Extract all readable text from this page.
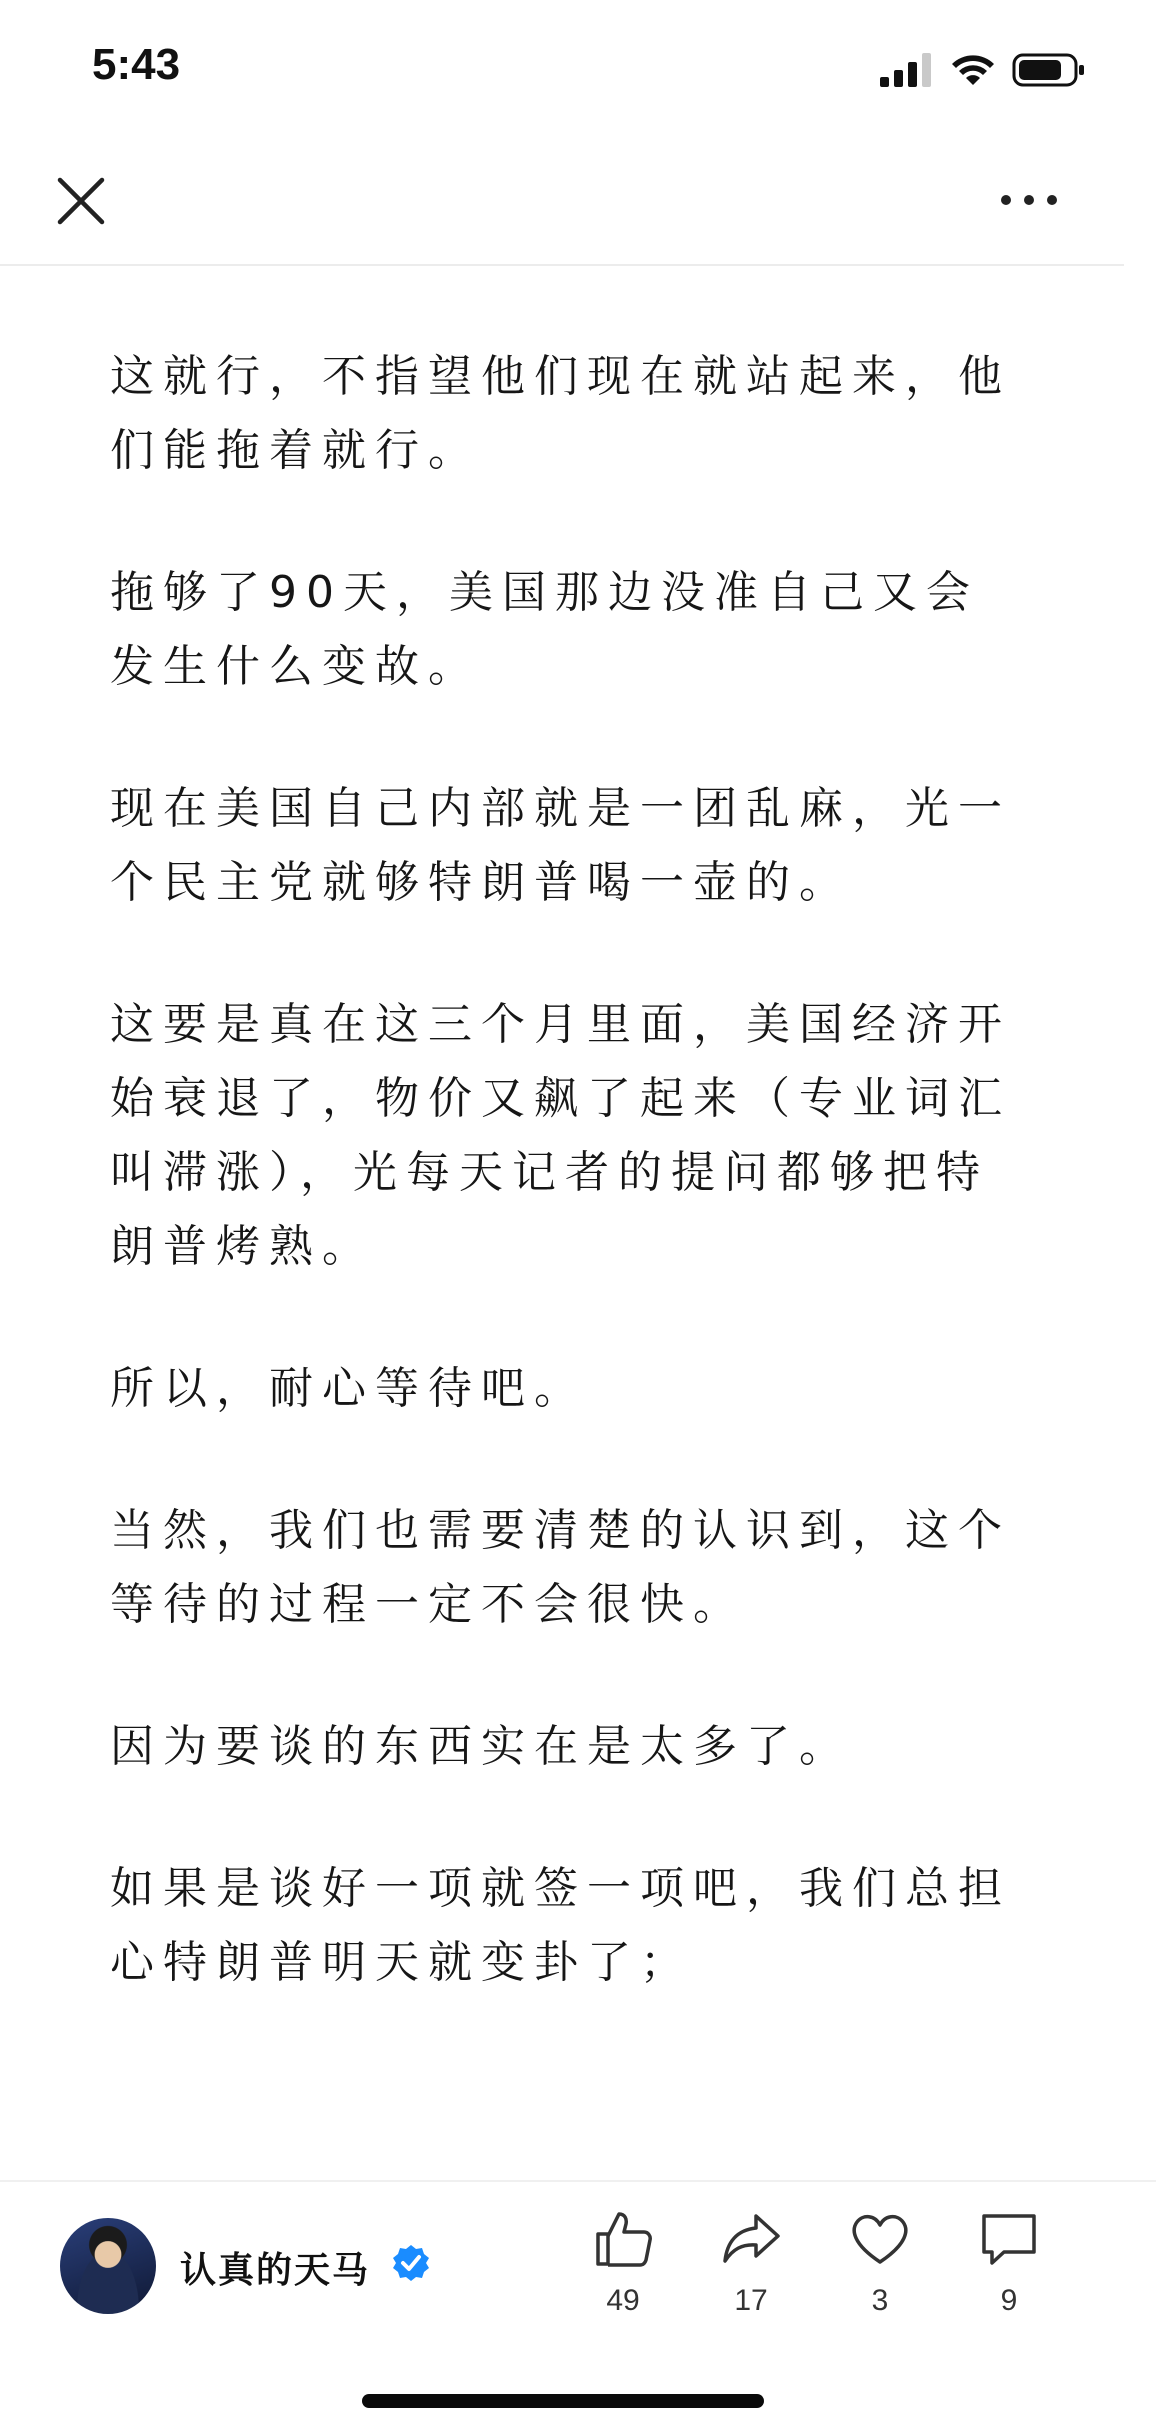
5:43

这就行，不指望他们现在就站起来，他们能拖着就行。

拖够了90天，美国那边没准自己又会发生什么变故。

现在美国自己内部就是一团乱麻，光一个民主党就够特朗普喝一壶的。

这要是真在这三个月里面，美国经济开始衰退了，物价又飙了起来（专业词汇叫滞涨），光每天记者的提问都够把特朗普烤熟。

所以，耐心等待吧。

当然，我们也需要清楚的认识到，这个等待的过程一定不会很快。

因为要谈的东西实在是太多了。

如果是谈好一项就签一项吧，我们总担心特朗普明天就变卦了；

认真的天马
49	17	3	9
